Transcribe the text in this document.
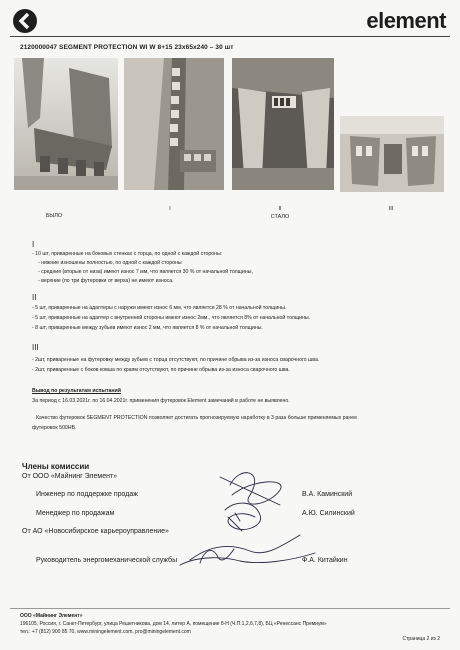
element
2120000047 SEGMENT PROTECTION WI W 8+15 23x65x240 – 30 шт
БЫЛО
I	II
СТАЛО
III
I
- 10 шт, приваренные на боковых стенках с торца, по одной с каждой стороны:
- нижние изношены полностью, по одной с каждой стороны
- средние (вторые от низа) имеют износ 7 мм, что является 30 % от начальной толщины,
- верхние (по три футеровки от верха) не имеют износа.
II
- 5 шт, приваренные на адаптеры с наружи имеют износ 6 мм, что является 28 % от начальной толщины.
- 5 шт, приваренные на адаптер с внутренней стороны имеют износ 2мм., что является 8% от начальной толщины.
- 8 шт, приваренные между зубьев имеют износ 2 мм, что является 8 % от начальной толщины.
III
- 2шт, приваренные на футеровку между зубьев с торца отсутствуют, по причине обрыва из-за износа сварочного шва.
- 2шт, приваренные с боков ковша по краям отсутствуют, по причине обрыва из-за износа сварочного шва.
Вывод по результатам испытаний
За период с 16.03.2021г. по 16.04.2021г. применения футеровок Element замечаний в работе не выявлено.
Качество футеровок SEGMENT PROTECTION позволяет достигать прогнозируемую наработку в 3 раза больше применяемых ранее
футеровок 500HB.
Члены комиссии
От ООО «Майнинг Элемент»
Инженер по поддержке продаж	В.А. Каминский
Менеджер по продажам	А.Ю. Силинский
От АО «Новосибирское карьероуправление»
Руководитель энергомеханической службы	Ф.А. Китайкин
ООО «Майнинг Элемент»
196105, Россия, г. Санкт-Петербург, улица Решетникова, дом 14, литер А, помещение 8-Н (Ч.П.1,2,6,7,8), БЦ «Ренессанс Премиум»
тел.: +7 (812) 900 85 70, www.miningelement.com, pro@miningelement.com
Страница 2 из 2
